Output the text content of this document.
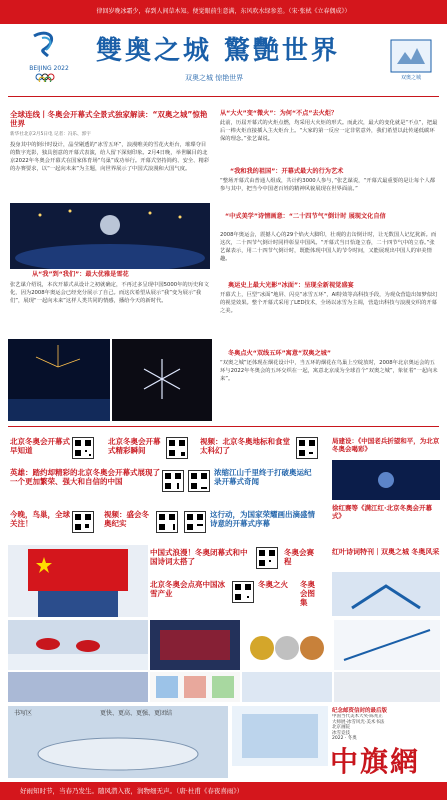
律回岁晚冰霜少，春到人间草木知。便觉眼前生意满，东风吹水绿参差。（宋·张栻《立春偶成》）
BEIJING 2022
雙奥之城 驚艷世界
双奥之城 惊艳世界	双奥之城
全球连线丨冬奥会开幕式全景式独家解读：“双奥之城”惊艳世界
新华社北京2月5日电 记者：冯乐、郭宇
投身其中的倒计时设计，晶莹剔透的“冰雪五环”，浪漫唯美的雪花火炬台，璀璨夺目的数字光影，独具创意的开幕式表演，给人留下深刻印象。2月4日晚，举世瞩目的北京2022年冬奥会开幕式在国家体育场“鸟巢”成功举行。开幕式坚持简约、安全、精彩的办赛要求，以“一起向未来”为主题，向世界展示了中国式浪漫和大国气度。
从“我”到“我们”：最大优雅是雪花
张艺谋介绍说，本次开幕式从设计之初就确定，不再过多呈现中国5000年的历史和文化，因为2008年奥运会已经充分展示了自己。而这次希望从展示“我”变为展示“我们”，展现“一起向未来”这样人类共同的情感，播给今天的新时代。
从“大火”变“微火”：为何“不点”去火炬？
此前，历届开幕式的火炬点燃，均采用大火炬的形式。而此次，最大的变化就是“不点”，把最后一棒火炬直接插入主火炬台上。“大家的第一反应一定非常意外，我们希望以此传递低碳环保的理念。”张艺谋说。
“我和我的祖国”：开幕式最大的行为艺术
“整场开幕式由普通人组成，共计约3000人参与，”张艺谋说，“开幕式最重要的是让每个人都参与其中，把当今中国老百姓的精神风貌展现在世界面前。”
“中式美学”诗情画意：“二十四节气”倒计时 展现文化自信
2008年奥运会，震撼人心的29个焰火大脚印，壮观的击缶倒计时，让无数国人记忆犹新。而这次，二十四节气倒计时同样彰显中国风。“开幕式当日恰逢立春，二十四节气中的立春。”张艺谋表示，用二十四节气倒计时，既能体现中国人的节令时间，又能展现出中国人的审美情趣。
奥运史上最大光影“冰面”：呈现全新视觉盛宴
开幕式上，巨型“冰面”地屏、闪亮“冰雪五环”，AI特效等高科技手段，为观众营造出如梦似幻的视觉效果。整个开幕式采用了LED技术，全场以冰雪为主调，营造出科技与浪漫交织的开幕之美。
冬奥点火“双线五环”寓意“双奥之城”
“双奥之城”还体现在烟花设计中，当五环的烟花在鸟巢上空绽放时，2008年北京奥运会的五环与2022年冬奥会的五环交织在一起，寓意北京成为全球首个“双奥之城”，象征着“一起向未来”。
北京冬奥会开幕式早知道
北京冬奥会开幕式精彩瞬间
视频：北京冬奥地标和食堂太科幻了
英雄：踏约却精彩的北京冬奥会开幕式展现了一个更加繁荣、强大和自信的中国
浓缩江山千里终于打破奥运纪录开幕式奇闻
今晚，鸟巢，全球关注！
视频：盛会冬奥纪实
这行动，为国家荣耀画出滴盛情诗意的开幕式序幕
中国式浪漫！冬奥闭幕式和中国诗词太搭了
冬奥会赛程
北京冬奥会点亮中国冰雪产业
冬奥之火	冬奥会图集
局建设：《中国老兵折望和平，为北京冬奥会喝彩》
徐红赛等《满江红·北京冬奥会开幕式》
红叶诗词特刊｜双奥之城 冬奥风采
书写区	更快、更高、更强、更团结	纪念邮资信封的最后版
中国当代美术大奖·陈兆正
大师展·冰雪风光·美术书法
北京画院
冰雪竞技
2022 · 冬奥
中旗網
好雨知时节，当春乃发生。随风潜入夜，润物细无声。（唐·杜甫《春夜喜雨》）
